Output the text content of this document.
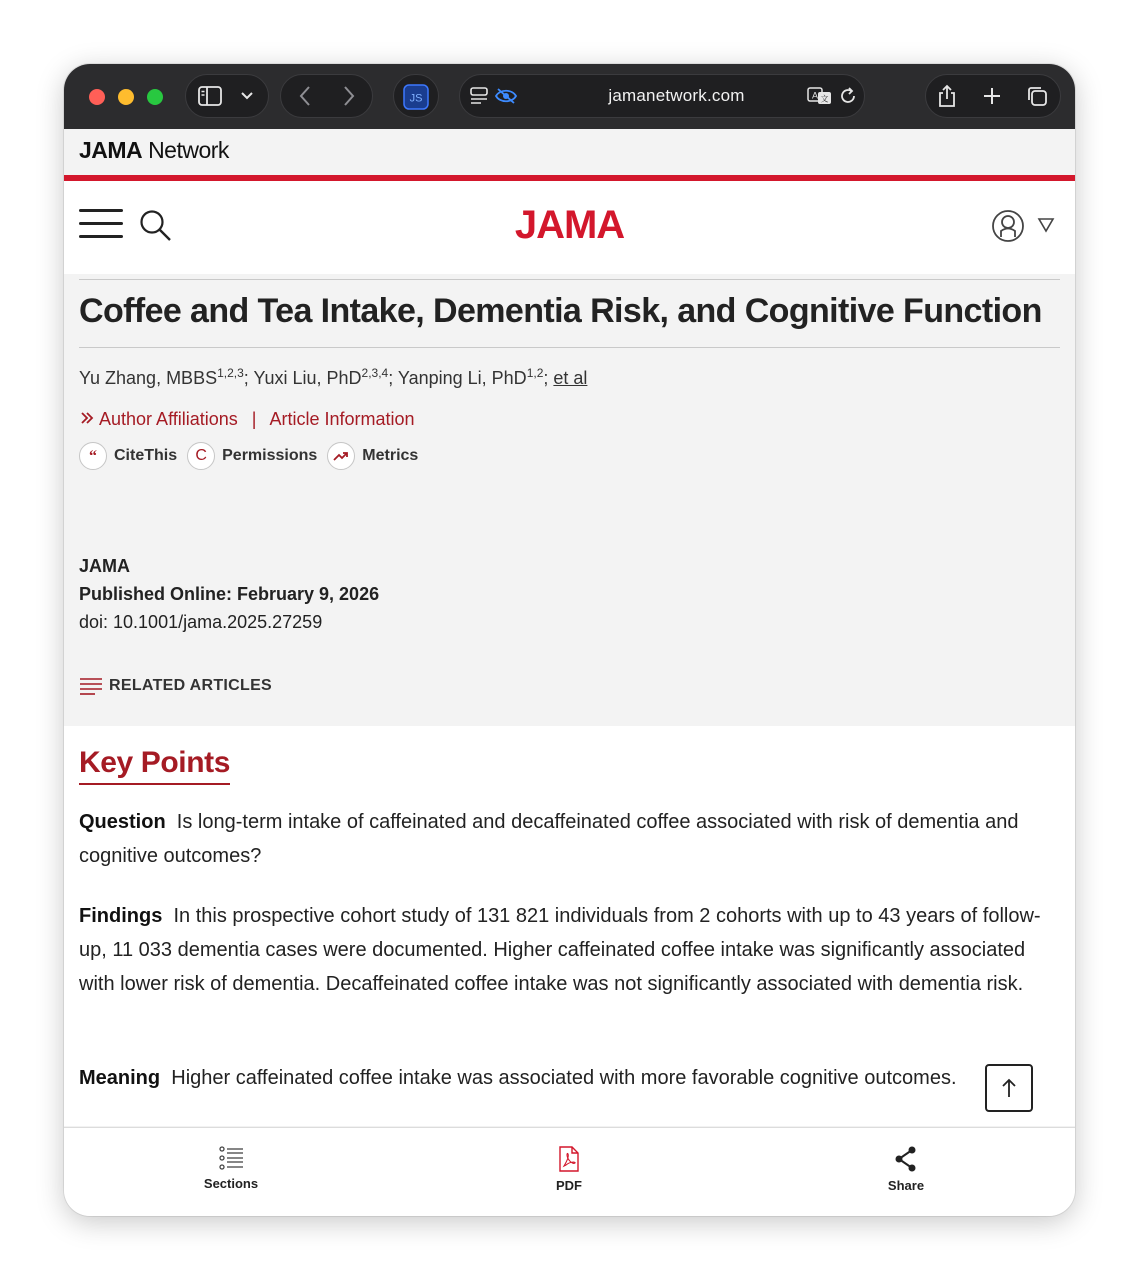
JS	jamanetwork.com	A 文
JAMA Network
JAMA
Coffee and Tea Intake, Dementia Risk, and Cognitive Function
Yu Zhang, MBBS$^{1,2,3}$; Yuxi Liu, PhD$^{2,3,4}$; Yanping Li, PhD$^{1,2}$; et al
Author Affiliations | Article Information
“ CiteThis	C Permissions	Metrics
JAMA
Published Online: February 9, 2026
doi: 10.1001/jama.2025.27259
RELATED ARTICLES
Key Points
Question Is long-term intake of caffeinated and decaffeinated coffee associated with risk of dementia and cognitive outcomes?
Findings In this prospective cohort study of 131 821 individuals from 2 cohorts with up to 43 years of follow-up, 11 033 dementia cases were documented. Higher caffeinated coffee intake was significantly associated with lower risk of dementia. Decaffeinated coffee intake was not significantly associated with dementia risk.
Meaning Higher caffeinated coffee intake was associated with more favorable cognitive outcomes.
Sections	PDF	Share
